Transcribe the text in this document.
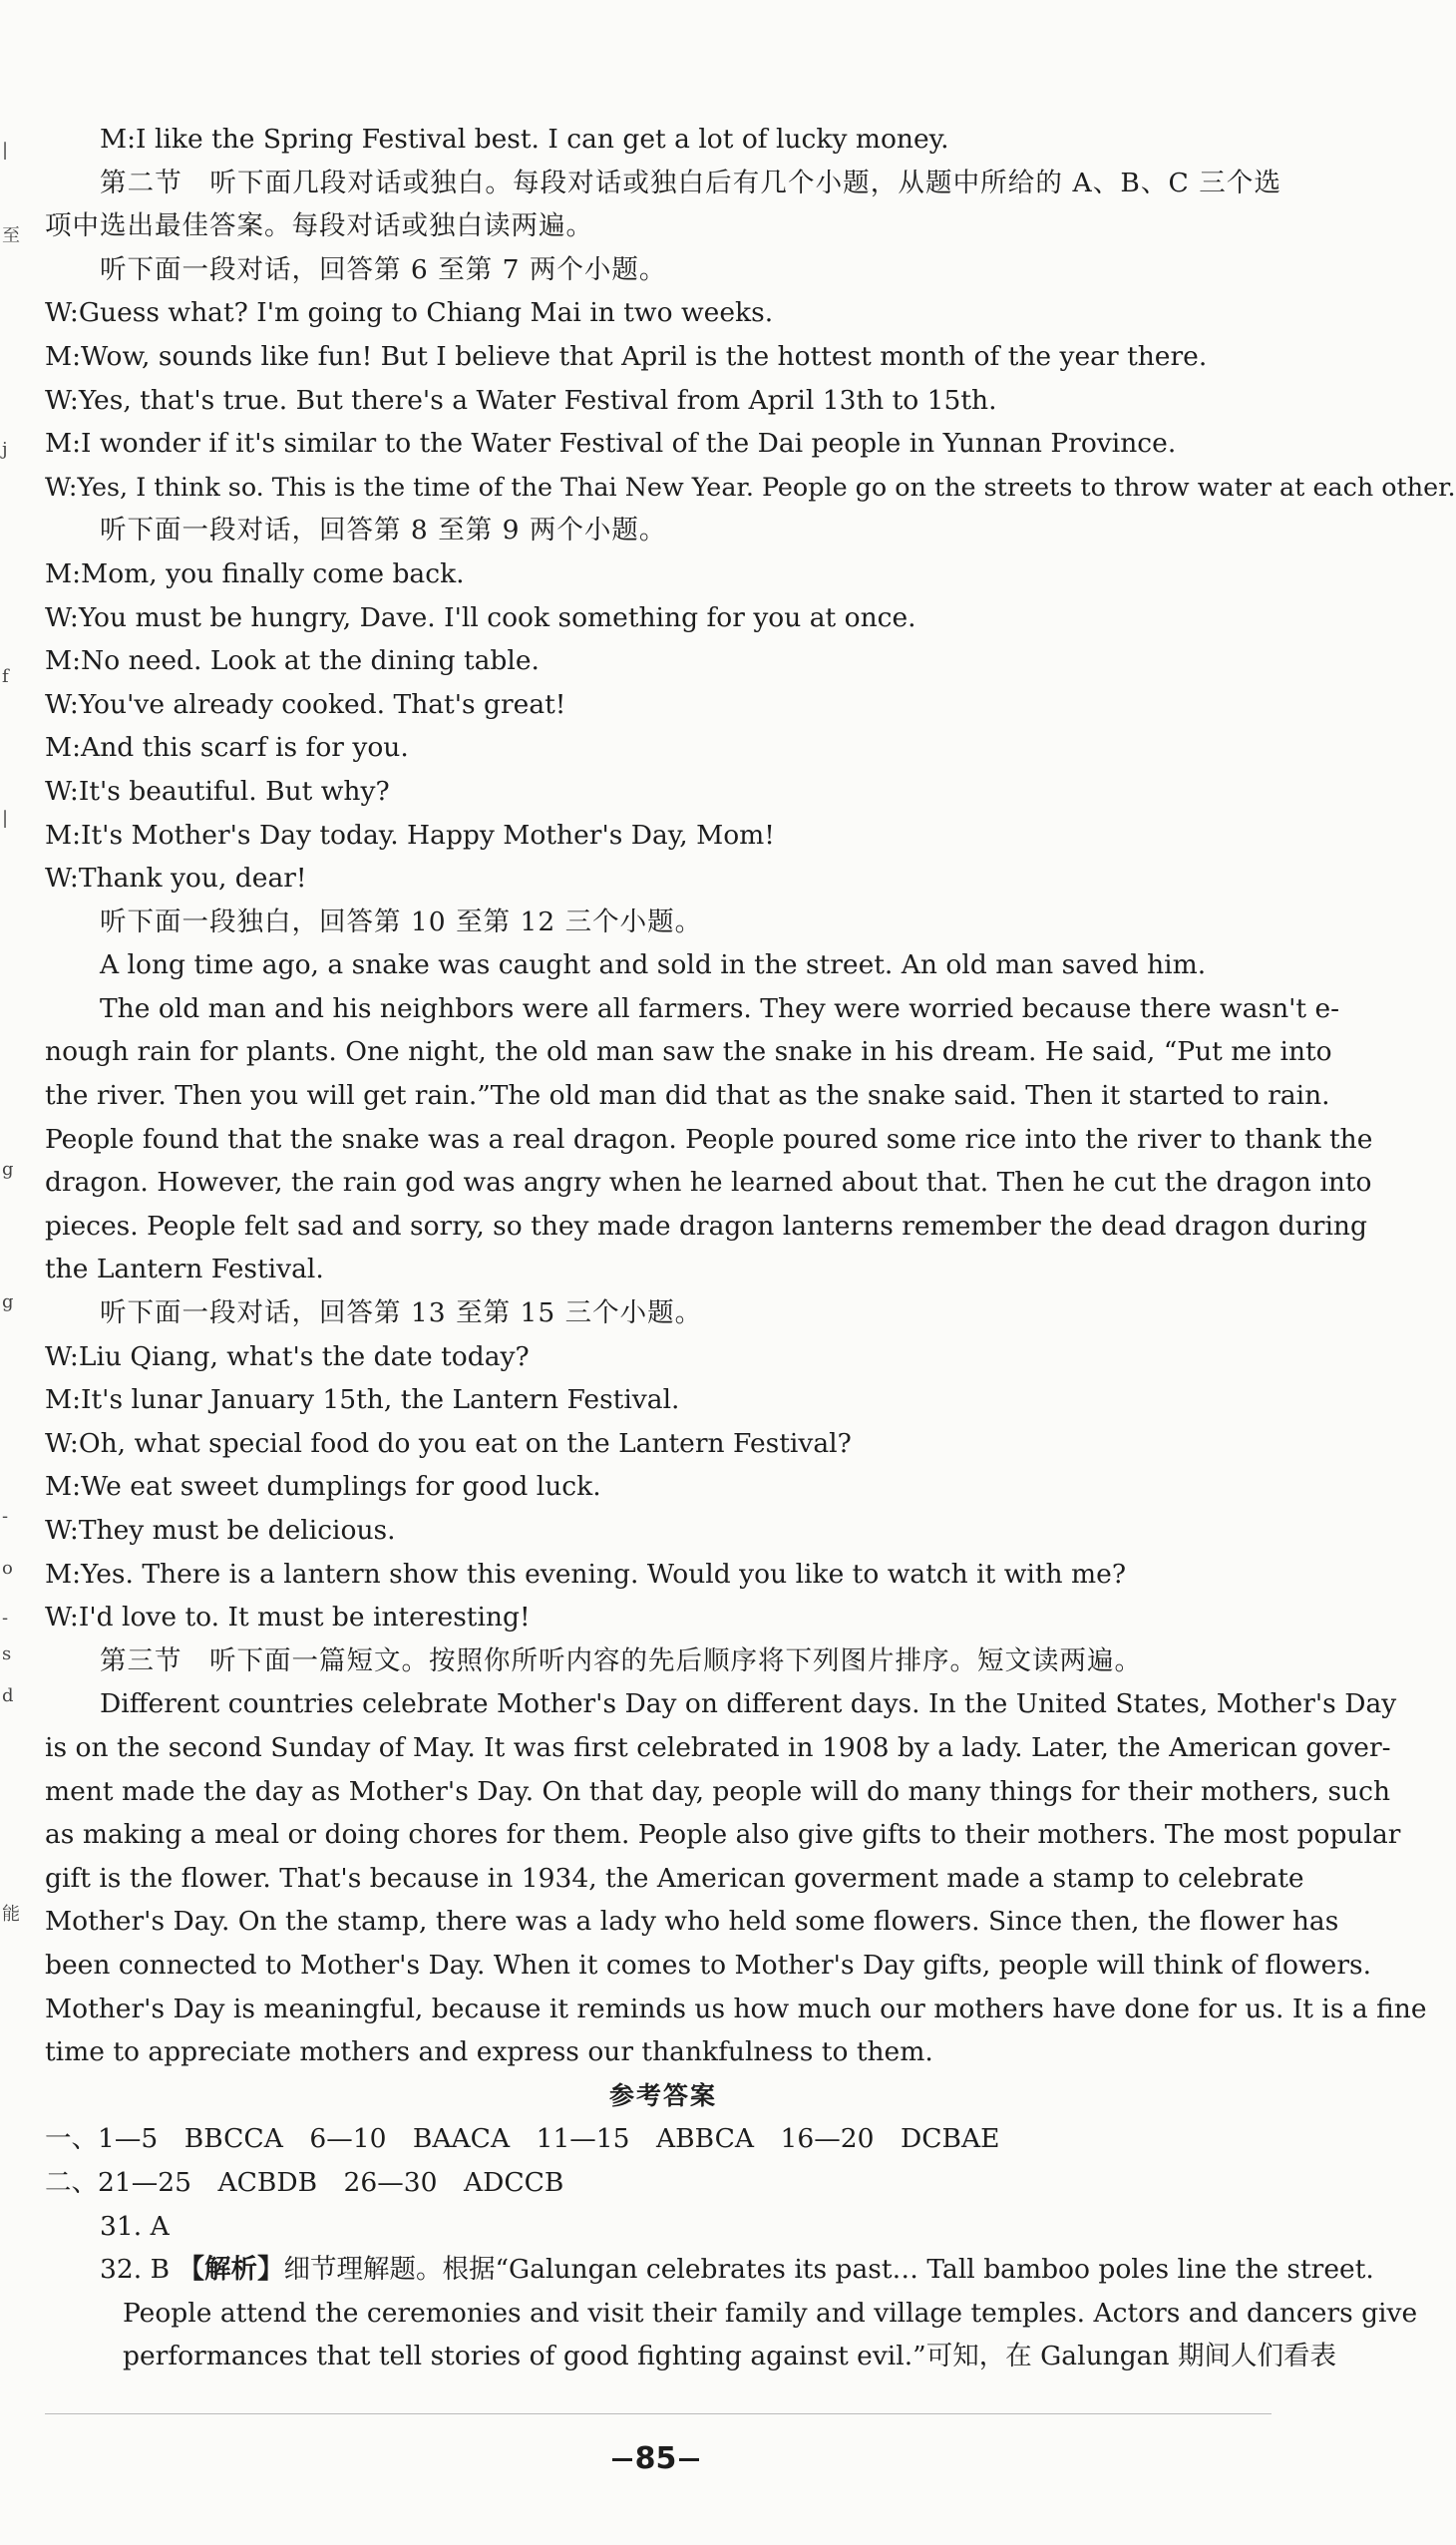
|
至
j
f
|
g
g
-
o
-
s
d
能
M:I like the Spring Festival best. I can get a lot of lucky money.
第二节　听下面几段对话或独白。每段对话或独白后有几个小题，从题中所给的 A、B、C 三个选
项中选出最佳答案。每段对话或独白读两遍。
听下面一段对话，回答第 6 至第 7 两个小题。
W:Guess what? I'm going to Chiang Mai in two weeks.
M:Wow, sounds like fun! But I believe that April is the hottest month of the year there.
W:Yes, that's true. But there's a Water Festival from April 13th to 15th.
M:I wonder if it's similar to the Water Festival of the Dai people in Yunnan Province.
W:Yes, I think so. This is the time of the Thai New Year. People go on the streets to throw water at each other.
听下面一段对话，回答第 8 至第 9 两个小题。
M:Mom, you finally come back.
W:You must be hungry, Dave. I'll cook something for you at once.
M:No need. Look at the dining table.
W:You've already cooked. That's great!
M:And this scarf is for you.
W:It's beautiful. But why?
M:It's Mother's Day today. Happy Mother's Day, Mom!
W:Thank you, dear!
听下面一段独白，回答第 10 至第 12 三个小题。
A long time ago, a snake was caught and sold in the street. An old man saved him.
The old man and his neighbors were all farmers. They were worried because there wasn't e-
nough rain for plants. One night, the old man saw the snake in his dream. He said, “Put me into
the river. Then you will get rain.”The old man did that as the snake said. Then it started to rain.
People found that the snake was a real dragon. People poured some rice into the river to thank the
dragon. However, the rain god was angry when he learned about that. Then he cut the dragon into
pieces. People felt sad and sorry, so they made dragon lanterns remember the dead dragon during
the Lantern Festival.
听下面一段对话，回答第 13 至第 15 三个小题。
W:Liu Qiang, what's the date today?
M:It's lunar January 15th, the Lantern Festival.
W:Oh, what special food do you eat on the Lantern Festival?
M:We eat sweet dumplings for good luck.
W:They must be delicious.
M:Yes. There is a lantern show this evening. Would you like to watch it with me?
W:I'd love to. It must be interesting!
第三节　听下面一篇短文。按照你所听内容的先后顺序将下列图片排序。短文读两遍。
Different countries celebrate Mother's Day on different days. In the United States, Mother's Day
is on the second Sunday of May. It was first celebrated in 1908 by a lady. Later, the American gover-
ment made the day as Mother's Day. On that day, people will do many things for their mothers, such
as making a meal or doing chores for them. People also give gifts to their mothers. The most popular
gift is the flower. That's because in 1934, the American goverment made a stamp to celebrate
Mother's Day. On the stamp, there was a lady who held some flowers. Since then, the flower has
been connected to Mother's Day. When it comes to Mother's Day gifts, people will think of flowers.
Mother's Day is meaningful, because it reminds us how much our mothers have done for us. It is a fine
time to appreciate mothers and express our thankfulness to them.
参考答案
一、1—5　BBCCA　6—10　BAACA　11—15　ABBCA　16—20　DCBAE
二、21—25　ACBDB　26—30　ADCCB
31. A
32. B 【解析】细节理解题。根据“Galungan celebrates its past… Tall bamboo poles line the street.
People attend the ceremonies and visit their family and village temples. Actors and dancers give
performances that tell stories of good fighting against evil.”可知，在 Galungan 期间人们看表
85
